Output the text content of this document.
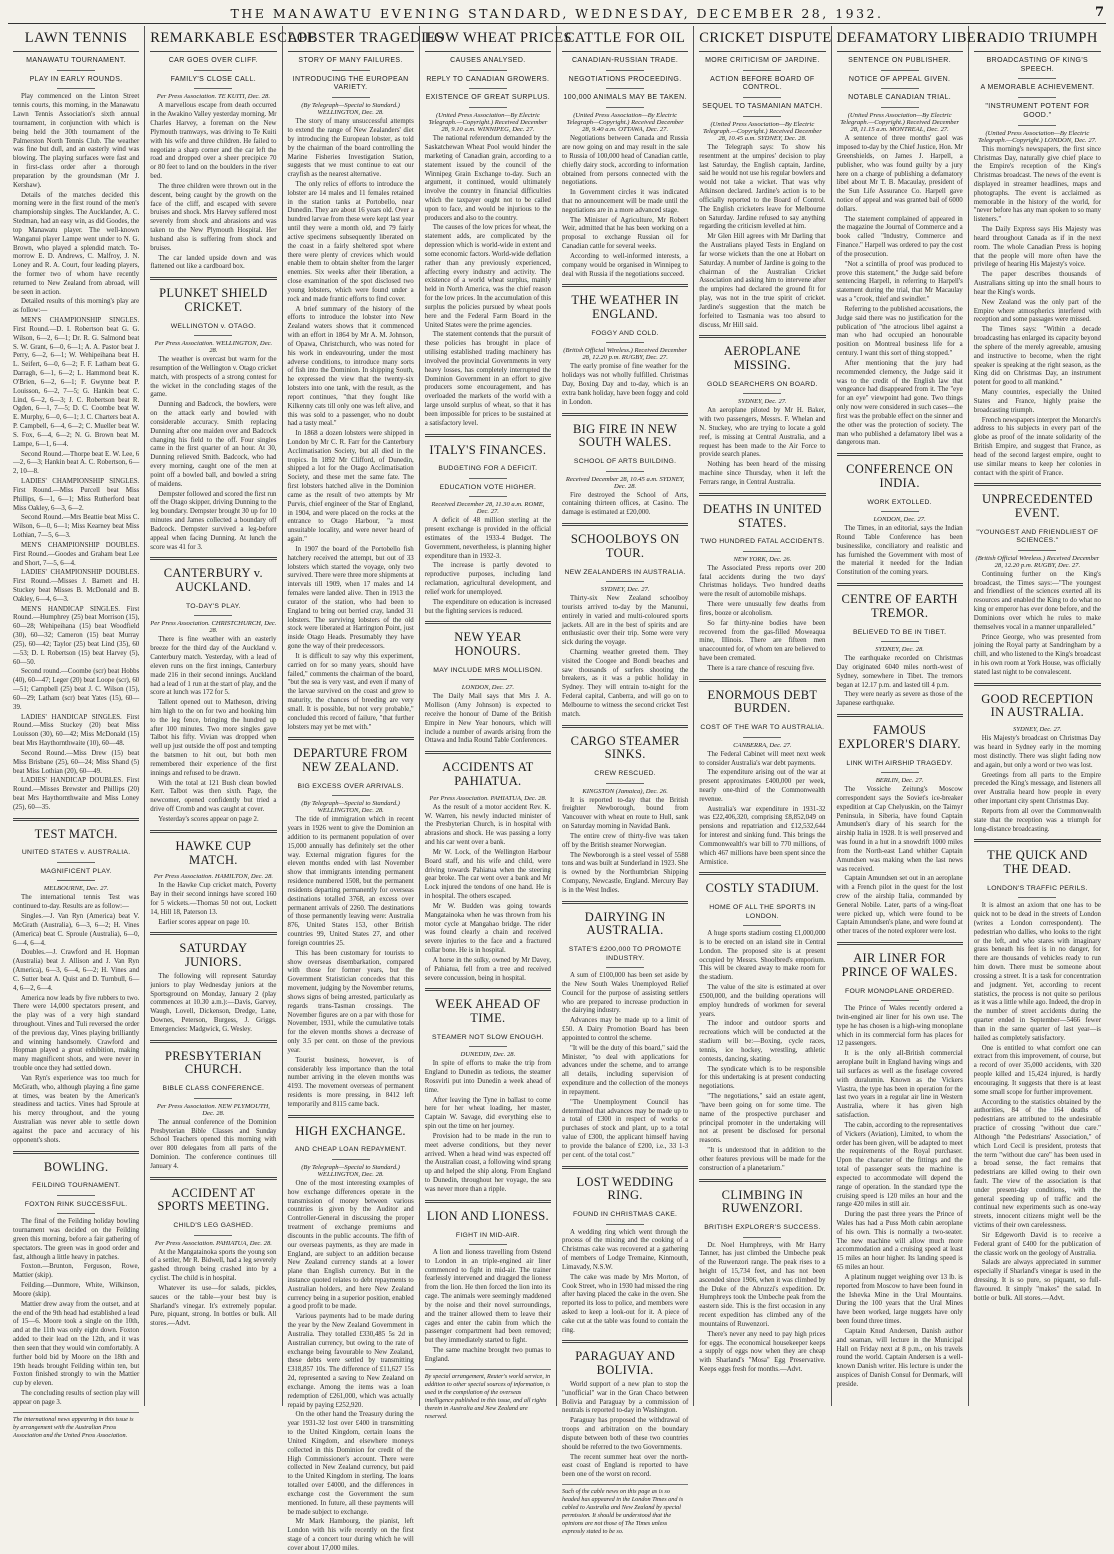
THE MANAWATU EVENING STANDARD, WEDNESDAY, DECEMBER 28, 1932.	7
LAWN TENNIS
MANAWATU TOURNAMENT.
PLAY IN EARLY ROUNDS.

Play commenced on the Linton Street tennis courts, this morning, in the Manawatu Lawn Tennis Association's sixth annual tournament, in conjunction with which is being held the 30th tournament of the Palmerston North Tennis Club. The weather was fine but dull, and an easterly wind was blowing. The playing surfaces were fast and in first-class order after a thorough preparation by the groundsman (Mr J. Kershaw).

Details of the matches decided this morning were in the first round of the men's championship singles. The Aucklander, A. C. Stedman, had an easy win, as did Goodes, the top Manawatu player. The well-known Wanganui player Lampe went under to N. G. Brown, who played a splendid match. To-morrow E. D. Andrews, C. Malfroy, J. N. Loney and R. A. Court, four leading players, the former two of whom have recently returned to New Zealand from abroad, will be seen in action.

Detailed results of this morning's play are as follow:—

MEN'S CHAMPIONSHIP SINGLES. First Round.—D. I. Robertson beat G. G. Wilson, 6—2, 6—1; Dr. R. G. Salmond beat S. W. Grant, 6—0, 6—1; A. A. Pastor beat J. Perry, 6—2, 6—1; W. Wehipeihana beat H. L. Seifert, 6—0, 6—2; F. F. Latham beat G. Darragh, 6—1, 6—2; L. Hammond beat K. O'Brien, 6—2, 6—1; F. Gwynne beat P. Louisson, 6—2, 7—5; G. Hankin beat C. Lind, 6—2, 6—3; J. C. Robertson beat R. Ogden, 6—1, 7—5; D. C. Coombe beat W. E. Murphy, 6—0, 6—1; J. C. Charters beat A. P. Campbell, 6—4, 6—2; C. Mueller beat W. S. Fox, 6—4, 6—2; N. G. Brown beat M. Lampe, 6—1, 6—4.

Second Round.—Thorpe beat E. W. Lee, 6—2, 6—3; Hankin beat A. C. Robertson, 6—2, 10—8.

LADIES' CHAMPIONSHIP SINGLES. First Round.—Miss Purcell beat Miss Phillips, 6—1, 6—1; Miss Rutherford beat Miss Oakley, 6—3, 6—2.

Second Round.—Mrs Beattie beat Miss C. Wilson, 6—0, 6—1; Miss Kearney beat Miss Lothian, 7—5, 6—3.

MEN'S CHAMPIONSHIP DOUBLES. First Round.—Goodes and Graham beat Lee and Short, 7—5, 6—4.

LADIES' CHAMPIONSHIP DOUBLES. First Round.—Misses J. Barnett and H. Stuckey beat Misses B. McDonald and B. Oakley, 6—4, 6—3.

MEN'S HANDICAP SINGLES. First Round.—Humphrey (25) beat Morrison (15), 60—28; Wehipeihana (15) beat Woodfield (30), 60—32; Cameron (15) beat Murray (25), 60—42; Taylor (25) beat Lind (35), 60—53; D. I. Robertson (15) beat Harvey (5), 60—50.

Second round.—Coombe (scr) beat Hobbs (40), 60—47; Leger (20) beat Loope (scr), 60—51; Campbell (25) beat J. C. Wilson (15), 60—29; Latham (scr) beat Yates (15), 60—39.

LADIES' HANDICAP SINGLES. First Round.—Miss Stuckey (20) beat Miss Louisson (30), 60—42; Miss McDonald (15) beat Mrs Haythornthwaite (10), 60—48.

Second Round.—Miss Drew (15) beat Miss Brisbane (25), 60—24; Miss Shand (5) beat Miss Lothian (20), 60—49.

LADIES' HANDICAP DOUBLES. First Round.—Misses Brewster and Phillips (20) beat Mrs Haythornthwaite and Miss Loney (25), 60—35.

TEST MATCH.
UNITED STATES v. AUSTRALIA.
MAGNIFICENT PLAY.
MELBOURNE, Dec. 27.

The international tennis Test was continued to-day. Results are as follow:—

Singles.—J. Van Ryn (America) beat V. McGrath (Australia), 6—3, 6—2; H. Vines (America) beat C. Sproule (Australia), 6—0, 6—4, 6—4.

Doubles.—J. Crawford and H. Hopman (Australia) beat J. Allison and J. Van Ryn (America), 6—3, 6—4, 6—2; H. Vines and C. Sutter beat A. Quist and D. Turnbull, 6—4, 6—2, 6—4.

America now leads by five rubbers to two. There were 14,000 spectators present, and the play was of a very high standard throughout. Vines and Tuli reversed the order of the previous day, Vines playing brilliantly and winning handsomely. Crawford and Hopman played a great exhibition, making many magnificent shots, and were never in trouble once they had settled down.

Van Ryn's experience was too much for McGrath, who, although playing a fine game at times, was beaten by the American's steadiness and tactics. Vines had Sproule at his mercy throughout, and the young Australian was never able to settle down against the pace and accuracy of his opponent's shots.

BOWLING.
FEILDING TOURNAMENT.
FOXTON RINK SUCCESSFUL.

The final of the Feilding holiday bowling tournament was decided on the Feilding green this morning, before a fair gathering of spectators. The green was in good order and fast, although a little heavy in patches.

Foxton.—Brunton, Ferguson, Rowe, Mattier (skip).

Feilding.—Dunmore, White, Wilkinson, Moore (skip).

Mattier drew away from the outset, and at the end of the 9th head had established a lead of 15—6. Moore took a single on the 10th, and at the 11th was only eight down. Foxton added to their lead on the 12th, and it was then seen that they would win comfortably. A further bold bid by Moore on the 18th and 19th heads brought Feilding within ten, but Foxton finished strongly to win the Mattier cup by eleven.

The concluding results of section play will appear on page 3.

The international news appearing in this issue is by arrangement with the Australian Press Association and the United Press Association.
REMARKABLE ESCAPE
CAR GOES OVER CLIFF.
FAMILY'S CLOSE CALL.
Per Press Association. TE KUITI, Dec. 28.

A marvellous escape from death occurred in the Awakino Valley yesterday morning. Mr Charles Harvey, a foreman on the New Plymouth tramways, was driving to Te Kuiti with his wife and three children. He failed to negotiate a sharp corner and the car left the road and dropped over a sheer precipice 70 or 80 feet to land on the boulders in the river bed.

The three children were thrown out in the descent, being caught by the growth on the face of the cliff, and escaped with severe bruises and shock. Mrs Harvey suffered most severely from shock and abrasions and was taken to the New Plymouth Hospital. Her husband also is suffering from shock and bruises.

The car landed upside down and was flattened out like a cardboard box.

PLUNKET SHIELD CRICKET.
WELLINGTON v. OTAGO.
Per Press Association. WELLINGTON, Dec. 28.

The weather is overcast but warm for the resumption of the Wellington v. Otago cricket match, with prospects of a strong contest for the wicket in the concluding stages of the game.

Dunning and Badcock, the bowlers, were on the attack early and bowled with considerable accuracy. Smith replacing Dunning after one maiden over and Badcock changing his field to the off. Four singles came in the first quarter of an hour. At 30, Dunning relieved Smith. Badcock, who had every morning, caught one of the men at point off a bowled ball, and bowled a string of maidens.

Dempster followed and scored the first run off the Otago skipper, driving Dunning to the leg boundary. Dempster brought 30 up for 10 minutes and James collected a boundary off Badcock. Dempster survived a leg-before appeal when facing Dunning. At lunch the score was 41 for 3.

CANTERBURY v. AUCKLAND.
TO-DAY'S PLAY.
Per Press Association. CHRISTCHURCH, Dec. 28.

There is fine weather with an easterly breeze for the third day of the Auckland v. Canterbury match. Yesterday, with a lead of eleven runs on the first innings, Canterbury made 216 in their second innings. Auckland had a lead of 1 run at the start of play, and the score at lunch was 172 for 5.

Tallent opened out to Matheson, driving him high to the on for two and hooking him to the leg fence, bringing the hundred up after 100 minutes. Two more singles gave Talbot his fifty. Vivian was dropped when well up just outside the off post and tempting the batsmen to hit out, but both men remembered their experience of the first innings and refused to be drawn.

With the total at 121 Bush clean bowled Kerr. Talbot was then sixth. Page, the newcomer, opened confidently but tried a drive off Cromb and was caught at cover.

Yesterday's scores appear on page 2.

HAWKE CUP MATCH.
Per Press Association. HAMILTON, Dec. 28.

In the Hawke Cup cricket match, Poverty Bay in their second innings have scored 160 for 5 wickets.—Thomas 50 not out, Lockett 14, Hill 18, Paterson 13.

Earlier scores appear on page 10.

SATURDAY JUNIORS.

The following will represent Saturday juniors to play Wednesday juniors at the Sportsground on Monday, January 2 (play commences at 10.30 a.m.):—Davis, Garvey, Waugh, Lovell, Dickenson, Dredge, Lane, Downes, Peterson, Burgess, J. Griggs. Emergencies: Madgwick, G. Wesley.

PRESBYTERIAN CHURCH.
BIBLE CLASS CONFERENCE.
Per Press Association. NEW PLYMOUTH, Dec. 28.

The annual conference of the Dominion Presbyterian Bible Classes and Sunday School Teachers opened this morning with over 800 delegates from all parts of the Dominion. The conference continues till January 4.

ACCIDENT AT SPORTS MEETING.
CHILD'S LEG GASHED.
Per Press Association. PAHIATUA, Dec. 28.

At the Mangatainoka sports the young son of a settler, Mr R. Bidwell, had a leg severely gashed through being crashed into by a cyclist. The child is in hospital.

Whatever its use—for salads, pickles, sauces or the table—your best buy is Sharland's vinegar. It's extremely popular. Pure, piquant, strong. In bottles or bulk. All stores.—Advt.

LOBSTER TRAGEDIES
STORY OF MANY FAILURES.
INTRODUCING THE EUROPEAN VARIETY.
(By Telegraph—Special to Standard.) WELLINGTON, Dec. 28.

The story of many unsuccessful attempts to extend the range of New Zealanders' diet by introducing the European lobster, as told by the chairman of the board controlling the Marine Fisheries Investigation Station, suggests that we must continue to eat our crayfish as the nearest alternative.

The only relics of efforts to introduce the lobster are 14 males and 11 females retained in the station tanks at Portobello, near Dunedin. They are about 16 years old. Over a hundred larvae from these were kept last year until they were a month old, and 79 fairly active specimens subsequently liberated on the coast in a fairly sheltered spot where there were plenty of crevices which would enable them to obtain shelter from the larger enemies. Six weeks after their liberation, a close examination of the spot disclosed two young lobsters, which were found under a rock and made frantic efforts to find cover.

A brief summary of the history of the efforts to introduce the lobster into New Zealand waters shows that it commenced with an effort in 1864 by Mr A. M. Johnson, of Opawa, Christchurch, who was noted for his work in endeavouring, under the most adverse conditions, to introduce many sorts of fish into the Dominion. In shipping South, he expressed the view that the twenty-six lobsters into one tank, with the result, as the report continues, "that they fought like Kilkenny cats till only one was left alive, and this was sold to a passenger, who no doubt had a tasty meal."

In 1868 a dozen lobsters were shipped in London by Mr C. R. Farr for the Canterbury Acclimatisation Society, but all died in the tropics. In 1892 Mr Clifford, of Dunedin, shipped a lot for the Otago Acclimatisation Society, and these met the same fate. The first lobsters hatched alive in the Dominion came as the result of two attempts by Mr Purvis, chief engineer of the Star of England, in 1904, and were placed on the rocks at the entrance to Otago Harbour, "a most unsuitable locality, and were never heard of again."

In 1907 the board of the Portobello fish hatchery received the attempt, but out of 33 lobsters which started the voyage, only two survived. There were three more shipments at intervals till 1909, when 17 males and 14 females were landed alive. Then in 1913 the curator of the station, who had been to England to bring out berried cray, landed 31 lobsters. The surviving lobsters of the old stock were liberated at Harrington Point, just inside Otago Heads. Presumably they have gone the way of their predecessors.

It is difficult to say why this experiment, carried on for so many years, should have failed," comments the chairman of the board, "but the sea is very vast, and even if many of the larvae survived on the coast and grew to maturity, the chances of breeding are very small. It is possible, but not very probable," concluded this record of failure, "that further lobsters may yet be met with."

DEPARTURE FROM NEW ZEALAND.
BIG EXCESS OVER ARRIVALS.
(By Telegraph—Special to Standard.) WELLINGTON, Dec. 28.

The tide of immigration which in recent years in 1926 went to give the Dominion an addition to its permanent population of over 15,000 annually has definitely set the other way. External migration figures for the eleven months ended with last November show that immigrants intending permanent residence numbered 1508, but the permanent residents departing permanently for overseas destinations totalled 3768, an excess over permanent arrivals of 2260. The destinations of those permanently leaving were: Australia 876, United States 153, other British countries 99, United States 27, and other foreign countries 25.

This has been customary for tourists to show overseas disembarkation, compared with those for former years, but the Government Statistician concedes that this movement, judging by the November returns, shows signs of being arrested, particularly as regards trans-Tasman crossings. The November figures are on a par with those for November, 1931, while the cumulative totals for the eleven months shows a decrease of only 3.5 per cent. on those of the previous year.

Tourist business, however, is of considerably less importance than the total number arriving in the eleven months was 4193. The movement overseas of permanent residents is more pressing, in 8412 left temporarily and 8115 came back.

HIGH EXCHANGE.
AND CHEAP LOAN REPAYMENT.
(By Telegraph—Special to Standard.) WELLINGTON, Dec. 28.

One of the most interesting examples of how exchange differences operate in the transmission of money between various countries is given by the Auditor and Controller-General in discussing the proper treatment of exchange premiums and discounts in the public accounts. The fifth of our overseas payments, as they are made in England, are subject to an addition because New Zealand currency stands at a lower plane than English currency. But in the instance quoted relates to debt repayments to Australian holders, and here New Zealand currency being in a superior position, enabled a good profit to be made.

Various payments had to be made during the year by the New Zealand Government in Australia. They totalled £330,485 5s 2d in Australian currency, but owing to the rate of exchange being favourable to New Zealand, these debts were settled by transmitting £318,857 10s. The difference of £11,627 15s 2d, represented a saving to New Zealand on exchange. Among the items was a loan redemption of £261,000, which was actually repaid by paying £252,920.

On the other hand the Treasury during the year 1931-32 lost over £400 in transmitting to the United Kingdom, certain loans the United Kingdom, and elsewhere moneys collected in this Dominion for credit of the High Commissioner's account. There were collected in New Zealand currency, but paid to the United Kingdom in sterling. The loans totalled over £4000, and the differences in exchange cost the Government the sum mentioned. In future, all these payments will be made subject to exchange.

Mr Mark Hambourg, the pianist, left London with his wife recently on the first stage of a concert tour during which he will cover about 17,000 miles.

LOW WHEAT PRICES
CAUSES ANALYSED.
REPLY TO CANADIAN GROWERS.
EXISTENCE OF GREAT SURPLUS.
(United Press Association—By Electric Telegraph.—Copyright.) Received December 28, 9.10 a.m. WINNIPEG, Dec. 27.

The national referendum demanded by the Saskatchewan Wheat Pool would hinder the marketing of Canadian grain, according to a statement issued by the council of the Winnipeg Grain Exchange to-day. Such an argument, it continued, would ultimately involve the country in financial difficulties which the taxpayer ought not to be called upon to face, and would be injurious to the producers and also to the country.

The causes of the low prices for wheat, the statement adds, are complicated by the depression which is world-wide in extent and some economic factors. World-wide deflation rather than any previously experienced, affecting every industry and activity. The existence of a world wheat surplus, mainly held in North America, was the chief reason for the low prices. In the accumulation of this surplus the policies pursued by wheat pools here and the Federal Farm Board in the United States were the prime agencies.

The statement contends that the pursuit of these policies has brought in place of utilising established trading machinery has involved the provincial Governments in very heavy losses, has completely interrupted the Dominion Government in an effort to give producers some encouragement, and has overloaded the markets of the world with a large unsold surplus of wheat, so that it has been impossible for prices to be sustained at a satisfactory level.

ITALY'S FINANCES.
BUDGETING FOR A DEFICIT.
EDUCATION VOTE HIGHER.
Received December 28, 11.30 a.m. ROME, Dec. 27.

A deficit of 48 million sterling at the present exchange is provided in the official estimates of the 1933-4 Budget. The Government, nevertheless, is planning higher expenditure than in 1932-3.

The increase is partly devoted to reproductive purposes, including land reclamation, agricultural development, and relief work for unemployed.

The expenditure on education is increased but the fighting services is reduced.

NEW YEAR HONOURS.
MAY INCLUDE MRS MOLLISON.
LONDON, Dec. 27.

The Daily Mail says that Mrs J. A. Mollison (Amy Johnson) is expected to receive the honour of Dame of the British Empire in New Year honours, which will include a number of awards arising from the Ottawa and India Round Table Conferences.

ACCIDENTS AT PAHIATUA.
Per Press Association. PAHIATUA, Dec. 28.

As the result of a motor accident Rev. K. W. Warren, his newly inducted minister of the Presbyterian Church, is in hospital with abrasions and shock. He was passing a lorry and his car went over a bank.

Mr W. Lock, of the Wellington Harbour Board staff, and his wife and child, were driving towards Pahiatua when the steering gear broke. The car went over a bank and Mr Lock injured the tendons of one hand. He is in hospital. The others escaped.

Mr W. Budden was going towards Mangatainoka when he was thrown from his motor cycle at Mangahao bridge. The rider was found clearly a chain and received severe injuries to the face and a fractured collar bone. He is in hospital.

A horse in the sulky, owned by Mr Davey, of Pahiatua, fell from a tree and received severe concussion, being in hospital.

WEEK AHEAD OF TIME.
STEAMER NOT SLOW ENOUGH.
DUNEDIN, Dec. 28.

In spite of efforts to make the trip from England to Dunedin as tedious, the steamer Rossvirli put into Dunedin a week ahead of time.

After leaving the Tyne in ballast to come here for her wheat loading, her master, Captain W. Savage, did everything else to spin out the time on her journey.

Provision had to be made in the run to meet adverse conditions, but they never arrived. When a head wind was expected off the Australian coast, a following wind sprang up and helped the ship along. From England to Dunedin, throughout her voyage, the sea was never more than a ripple.

LION AND LIONESS.
FIGHT IN MID-AIR.

A lion and lioness travelling from Ostend to London in an triple-engined air liner commenced to fight in mid-air. The trainer fearlessly intervened and dragged the lioness from the lion. He then forced the lion into its cage. The animals were seemingly maddened by the noise and their novel surroundings, and the trainer allowed them to leave their cages and enter the cabin from which the passenger compartment had been removed; but they immediately started to fight.

The same machine brought two pumas to England.

By special arrangement, Reuter's world service, in addition to other special sources of information, is used in the compilation of the overseas intelligence published in this issue, and all rights therein in Australia and New Zealand are reserved.
CATTLE FOR OIL
CANADIAN-RUSSIAN TRADE.
NEGOTIATIONS PROCEEDING.
100,000 ANIMALS MAY BE TAKEN.
(United Press Association—By Electric Telegraph—Copyright.) Received December 28, 9.40 a.m. OTTAWA, Dec. 27.

Negotiations between Canada and Russia are now going on and may result in the sale to Russia of 100,000 head of Canadian cattle, chiefly dairy stock, according to information obtained from persons connected with the negotiations.

In Government circles it was indicated that no announcement will be made until the negotiations are in a more advanced stage.

The Minister of Agriculture, Mr Robert Weir, admitted that he has been working on a proposal to exchange Russian oil for Canadian cattle for several weeks.

According to well-informed interests, a company would be organised in Winnipeg to deal with Russia if the negotiations succeed.

THE WEATHER IN ENGLAND.
FOGGY AND COLD.
(British Official Wireless.) Received December 28, 12.20 p.m. RUGBY, Dec. 27.

The early promise of fine weather for the holidays was not wholly fulfilled. Christmas Day, Boxing Day and to-day, which is an extra bank holiday, have been foggy and cold in London.

BIG FIRE IN NEW SOUTH WALES.
SCHOOL OF ARTS BUILDING.
Received December 28, 10.45 a.m. SYDNEY, Dec. 28.

Fire destroyed the School of Arts, containing thirteen offices, at Casino. The damage is estimated at £20,000.

SCHOOLBOYS ON TOUR.
NEW ZEALANDERS IN AUSTRALIA.
SYDNEY, Dec. 27.

Thirty-six New Zealand schoolboy tourists arrived to-day by the Manunui, entirely in varied and multi-coloured sports jackets. All are in the best of spirits and are enthusiastic over their trip. Some were very sick during the voyage.

Charming weather greeted them. They visited the Coogee and Bondi beaches and saw thousands of surfers shooting the breakers, as it was a public holiday in Sydney. They will entrain to-night for the Federal capital, Canberra, and will go on to Melbourne to witness the second cricket Test match.

CARGO STEAMER SINKS.
CREW RESCUED.
KINGSTON (Jamaica), Dec. 26.

It is reported to-day that the British freighter Newborough, bound from Vancouver with wheat en route to Hull, sank on Saturday morning in Navidad Bank.

The entire crew of thirty-five was taken off by the British steamer Norwegian.

The Newborough is a steel vessel of 5588 tons and was built at Sunderland in 1923. She is owned by the Northumbrian Shipping Company, Newcastle, England. Mercury Bay is in the West Indies.

DAIRYING IN AUSTRALIA.
STATE'S £200,000 TO PROMOTE INDUSTRY.

A sum of £100,000 has been set aside by the New South Wales Unemployed Relief Council for the purpose of assisting settlers who are prepared to increase production in the dairying industry.

Advances may be made up to a limit of £50. A Dairy Promotion Board has been appointed to control the scheme.

"It will be the duty of this board," said the Minister, "to deal with applications for advances under the scheme, and to arrange all details, including supervision of expenditure and the collection of the moneys in repayment.

"The Unemployment Council has determined that advances may be made up to a total of £300 in respect of works or purchases of stock and plant, up to a total value of £300, the applicant himself having to provide the balance of £200, i.e., 33 1-3 per cent. of the total cost."

LOST WEDDING RING.
FOUND IN CHRISTMAS CAKE.

A wedding ring which went through the process of the mixing and the cooking of a Christmas cake was recovered at a gathering of members of Lodge Tremaine, Kinmouth, Limavady, N.S.W.

The cake was made by Mrs Morton, of Cook Street, who in 1930 had missed the ring after having placed the cake in the oven. She reported its loss to police, and members were asked to keep a look-out for it. A piece of cake cut at the table was found to contain the ring.

PARAGUAY AND BOLIVIA.

World support of a new plan to stop the "unofficial" war in the Gran Chaco between Bolivia and Paraguay by a commission of neutrals is reported to-day in Washington.

Paraguay has proposed the withdrawal of troops and arbitration on the boundary dispute between both of these two countries should be referred to the two Governments.

The recent summer heat over the north-east coast of England is reported to have been one of the worst on record.

Such of the cable news on this page as is so headed has appeared in the London Times and is cabled to Australia and New Zealand by special permission. It should be understood that the opinions are not those of The Times unless expressly stated to be so.
CRICKET DISPUTE
MORE CRITICISM OF JARDINE.
ACTION BEFORE BOARD OF CONTROL.
SEQUEL TO TASMANIAN MATCH.
(United Press Association—By Electric Telegraph.—Copyright.) Received December 28, 10.45 a.m. SYDNEY, Dec. 28.

The Telegraph says: To show his resentment at the umpires' decision to play last Saturday, the English captain, Jardine, said he would not use his regular bowlers and would not take a wicket. That was why Atkinson declared. Jardine's action is to be officially reported to the Board of Control. The English cricketers leave for Melbourne on Saturday. Jardine refused to say anything regarding the criticism levelled at him.

Mr Glen Hill agrees with Mr Darling that the Australians played Tests in England on far worse wickets than the one at Hobart on Saturday. A number of Jardine is going to the chairman of the Australian Cricket Association and asking him to intervene after the umpires had declared the ground fit for play, was not in the true spirit of cricket. Jardine's suggestion that the match be forfeited to Tasmania was too absurd to discuss, Mr Hill said.

AEROPLANE MISSING.
GOLD SEARCHERS ON BOARD.
SYDNEY, Dec. 27.

An aeroplane piloted by Mr H. Baker, with two passengers, Messrs. F. Whelan and N. Stuckey, who are trying to locate a gold reef, is missing at Central Australia, and a request has been made to the Air Force to provide search planes.

Nothing has been heard of the missing machine since Thursday, when it left the Ferrars range, in Central Australia.

DEATHS IN UNITED STATES.
TWO HUNDRED FATAL ACCIDENTS.
NEW YORK, Dec. 26.

The Associated Press reports over 200 fatal accidents during the two days' Christmas holidays. Two hundred deaths were the result of automobile mishaps.

There were unusually few deaths from fires, booze or alcoholism.

So far thirty-nine bodies have been recovered from the gas-filled Moweaqua mine, Illinois. There are fifteen men unaccounted for, of whom ten are believed to have been cremated.

There is a rare chance of rescuing five.

ENORMOUS DEBT BURDEN.
COST OF THE WAR TO AUSTRALIA.
CANBERRA, Dec. 27.

The Federal Cabinet will meet next week to consider Australia's war debt payments.

The expenditure arising out of the war at present approximates £400,000 per week, nearly one-third of the Commonwealth revenue.

Australia's war expenditure in 1931-32 was £22,406,320, comprising £8,852,049 on pensions and repatriation and £12,532,644 for interest and sinking fund. This brings the Commonwealth's war bill to 770 millions, of which 467 millions have been spent since the Armistice.

COSTLY STADIUM.
HOME OF ALL THE SPORTS IN LONDON.

A huge sports stadium costing £1,000,000 is to be erected on an island site in Central London. The proposed site is at present occupied by Messrs. Shoolbred's emporium. This will be cleared away to make room for the stadium.

The value of the site is estimated at over £500,000, and the building operations will employ hundreds of workmen for several years.

The indoor and outdoor sports and recreations which will be conducted at the stadium will be:—Boxing, cycle races, tennis, ice hockey, wrestling, athletic contests, dancing, skating.

The syndicate which is to be responsible for this undertaking is at present conducting negotiations.

"The negotiations," said an estate agent, "have been going on for some time. The name of the prospective purchaser and principal promoter in the undertaking will not at present be disclosed for personal reasons.

"It is understood that in addition to the other features previous will be made for the construction of a planetarium."

CLIMBING IN RUWENZORI.
BRITISH EXPLORER'S SUCCESS.

Dr. Noel Humphreys, with Mr Harry Tanner, has just climbed the Umbeche peak of the Ruwenzori range. The peak rises to a height of 15,734 feet, and has not been ascended since 1906, when it was climbed by the Duke of the Abruzzi's expedition. Dr. Humphreys took the Umbeche peak from the eastern side. This is the first occasion in any recent expedition has climbed any of the mountains of Ruwenzori.

There's never any need to pay high prices for eggs. The economical housekeeper keeps a supply of eggs now when they are cheap with Sharland's "Mosa" Egg Preservative. Keeps eggs fresh for months.—Advt.

DEFAMATORY LIBEL
SENTENCE ON PUBLISHER.
NOTICE OF APPEAL GIVEN.
NOTABLE CANADIAN TRIAL.
(United Press Association—By Electric Telegraph.—Copyright.) Received December 28, 11.15 a.m. MONTREAL, Dec. 27.

A sentence of three months' gaol was imposed to-day by the Chief Justice, Hon. Mr Greenshields, on James J. Harpell, a publisher, who was found guilty by a jury here on a charge of publishing a defamatory libel about Mr T. B. Macaulay, president of the Sun Life Assurance Co. Harpell gave notice of appeal and was granted bail of 6000 dollars.

The statement complained of appeared in the magazine the Journal of Commerce and a book called "Industry, Commerce and Finance." Harpell was ordered to pay the cost of the prosecution.

"Not a scintilla of proof was produced to prove this statement," the Judge said before sentencing Harpell, in referring to Harpell's statement during the trial, that Mr Macaulay was a "crook, thief and swindler."

Referring to the published accusations, the Judge said there was no justification for the publication of "the atrocious libel against a man who had occupied an honourable position on Montreal business life for a century. I want this sort of thing stopped."

After mentioning that the jury had recommended clemency, the Judge said it was to the credit of the English law that vengeance had disappeared from it. The "eye for an eye" viewpoint had gone. Two things only now were considered in such cases—the first was the probable effect on the sinner and the other was the protection of society. The man who published a defamatory libel was a dangerous man.

CONFERENCE ON INDIA.
WORK EXTOLLED.
LONDON, Dec. 27.

The Times, in an editorial, says the Indian Round Table Conference has been businesslike, conciliatory and realistic and has furnished the Government with most of the material it needed for the Indian Constitution of the coming years.

CENTRE OF EARTH TREMOR.
BELIEVED TO BE IN TIBET.
SYDNEY, Dec. 28.

The earthquake recorded on Christmas Day originated 6040 miles north-west of Sydney, somewhere in Tibet. The tremors began at 12.17 p.m. and lasted till 4 p.m.

They were nearly as severe as those of the Japanese earthquake.

FAMOUS EXPLORER'S DIARY.
LINK WITH AIRSHIP TRAGEDY.
BERLIN, Dec. 27.

The Vossiche Zeitung's Moscow correspondent says the Soviet's ice-breaker expedition at Cap Chelyuskin, on the Taimyr Peninsula, in Siberia, have found Captain Amundsen's diary of his search for the airship Italia in 1928. It is well preserved and was found in a hut in a snowdrift 1000 miles from the North-east Land whither Captain Amundsen was making when the last news was received.

Captain Amundsen set out in an aeroplane with a French pilot in the quest for the lost crew of the airship Italia, commanded by General Nobile. Later, parts of a wing-float were picked up, which were found to be Captain Amundsen's plane, and were found at other traces of the noted explorer were lost.

AIR LINER FOR PRINCE OF WALES.
FOUR MONOPLANE ORDERED.

The Prince of Wales recently ordered a twin-engined air liner for his own use. The type he has chosen is a high-wing monoplane which in its commercial form has places for 12 passengers.

It is the only all-British commercial aeroplane built in England having wings and tail surfaces as well as the fuselage covered with duralumin. Known as the Vickers Viastra, the type has been in operation for the last two years in a regular air line in Western Australia, where it has given high satisfaction.

The cabin, according to the representatives of Vickers (Aviation), Limited, to whom the order has been given, will be adapted to meet the requirements of the Royal purchaser. Upon the character of the fittings and the total of passenger seats the machine is expected to accommodate will depend the range of operation. In the standard type the cruising speed is 120 miles an hour and the range 420 miles in still air.

During the past three years the Prince of Wales has had a Puss Moth cabin aeroplane of his own. This is normally a two-seater. The new machine will allow much more accommodation and a cruising speed at least 15 miles an hour higher. Its landing speed is 65 miles an hour.

A platinum nugget weighing over 13 lb. is reported from Moscow to have been found in the Ishevka Mine in the Ural Mountains. During the 100 years that the Ural Mines have been worked, large nuggets have only been found three times.

Captain Knud Andersen, Danish author and seaman, will lecture in the Municipal Hall on Friday next at 8 p.m., on his travels round the world. Captain Andersen is a well-known Danish writer. His lecture is under the auspices of Danish Consul for Denmark, will preside.

RADIO TRIUMPH
BROADCASTING OF KING'S SPEECH.
A MEMORABLE ACHIEVEMENT.
"INSTRUMENT POTENT FOR GOOD."
(United Press Association—By Electric Telegraph.—Copyright.) LONDON, Dec. 27.

This morning's newspapers, the first since Christmas Day, naturally give chief place to the Empire's reception of the King's Christmas broadcast. The news of the event is displayed in streamer headlines, maps and photographs. The event is acclaimed as memorable in the history of the world, for "never before has any man spoken to so many listeners."

The Daily Express says His Majesty was heard throughout Canada as if in the next room. The whole Canadian Press is hoping that the people will more often have the privilege of hearing His Majesty's voice.

The paper describes thousands of Australians sitting up into the small hours to hear the King's words.

New Zealand was the only part of the Empire where atmospherics interfered with reception and some passages were missed.

The Times says: "Within a decade broadcasting has enlarged its capacity beyond the sphere of the merely agreeable, amusing and instructive to become, when the right speaker is speaking at the right season, as the King did on Christmas Day, an instrument potent for good to all mankind."

Many countries, especially the United States and France, highly praise the broadcasting triumph.

French newspapers interpret the Monarch's address to his subjects in every part of the globe as proof of the innate solidarity of the British Empire, and suggest that France, as head of the second largest empire, ought to use similar means to keep her colonies in contact with the spirit of France.

UNPRECEDENTED EVENT.
"YOUNGEST AND FRIENDLIEST OF SCIENCES."
(British Official Wireless.) Received December 28, 12.20 p.m. RUGBY, Dec. 27.

Continuing further on the King's broadcast, the Times says:—"The youngest and friendliest of the sciences exerted all its resources and enabled the King to do what no king or emperor has ever done before, and the Dominions over which he rules to make themselves vocal in a manner unparalleled."

Prince George, who was presented from joining the Royal party at Sandringham by a chill, and who listened to the King's broadcast in his own room at York House, was officially stated last night to be convalescent.

GOOD RECEPTION IN AUSTRALIA.
SYDNEY, Dec. 27.

His Majesty's broadcast on Christmas Day was heard in Sydney early in the morning most distinctly. There was slight fading now and again, but only a word or two was lost.

Greetings from all parts to the Empire preceded the King's message, and listeners all over Australia heard how people in every other important city spent Christmas Day.

Reports from all over the Commonwealth state that the reception was a triumph for long-distance broadcasting.

THE QUICK AND THE DEAD.
LONDON'S TRAFFIC PERILS.

It is almost an axiom that one has to be quick not to be dead in the streets of London (writes a London correspondent). The pedestrian who dallies, who looks to the right or the left, and who stares with imaginary grass beneath his feet is in no danger, for there are thousands of vehicles ready to run him down. There must be someone about crossing a street. It is a task for concentration and judgment. Yet, according to recent statistics, the process is not quite so perilous as it was a little while ago. Indeed, the drop in the number of street accidents during the quarter ended in September—5466 fewer than in the same quarter of last year—is hailed as completely satisfactory.

One is entitled to what comfort one can extract from this improvement, of course, but a record of over 35,000 accidents, with 320 people killed and 15,424 injured, is hardly encouraging. It suggests that there is at least some small scope for further improvement.

According to the statistics obtained by the authorities, 84 of the 164 deaths of pedestrians are attributed to the undesirable practice of crossing "without due care." Although "the Pedestrians' Association," of which Lord Cecil is president, protests that the term "without due care" has been used in a broad sense, the fact remains that pedestrians are killed owing to their own fault. The view of the association is that under present-day conditions, with the general speeding up of traffic and the continual new experiments such as one-way streets, innocent citizens might well be the victims of their own carelessness.

Sir Edgeworth David is to receive a Federal grant of £400 for the publication of the classic work on the geology of Australia.

Salads are always appreciated in summer especially if Sharland's vinegar is used in the dressing. It is so pure, so piquant, so full-flavoured. It simply "makes" the salad. In bottle or bulk. All stores.—Advt.
